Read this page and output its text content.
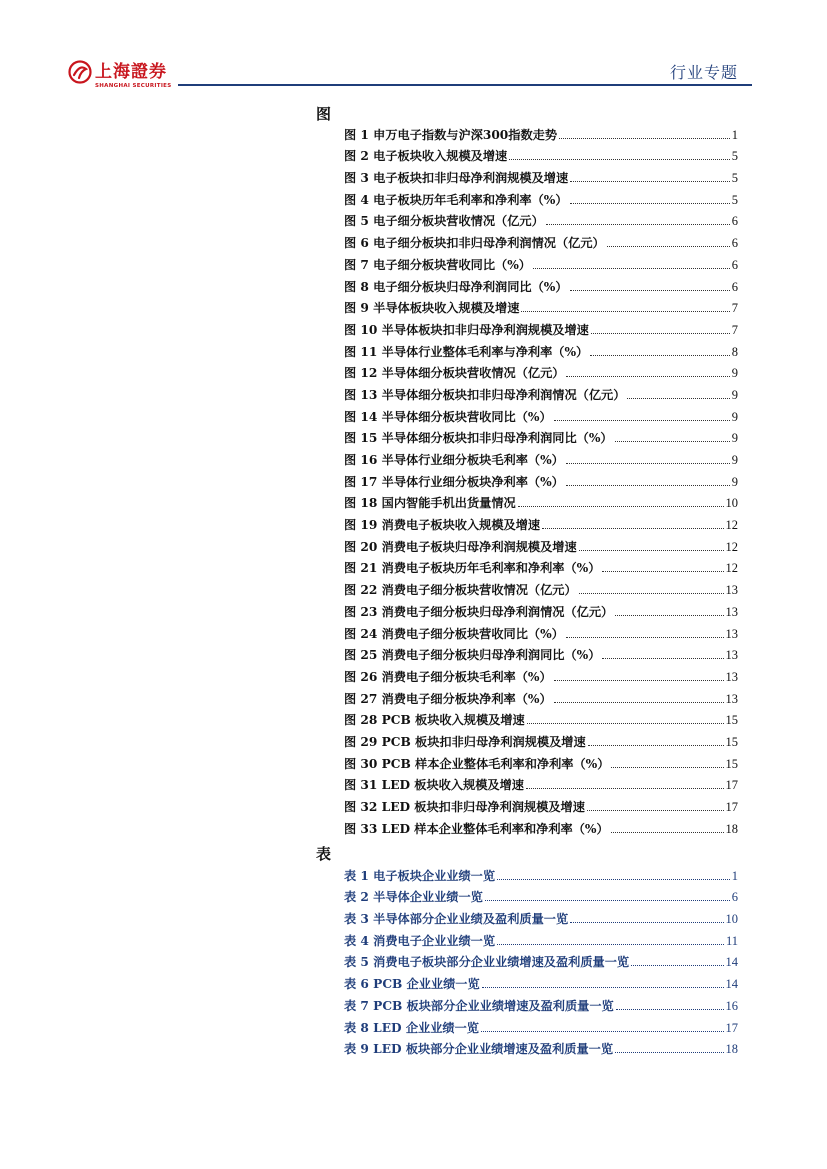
上海證券
SHANGHAI SECURITIES
行业专题
图
图 1 申万电子指数与沪深300指数走势	1
图 2 电子板块收入规模及增速	5
图 3 电子板块扣非归母净利润规模及增速	5
图 4 电子板块历年毛利率和净利率（%）	5
图 5 电子细分板块营收情况（亿元）	6
图 6 电子细分板块扣非归母净利润情况（亿元）	6
图 7 电子细分板块营收同比（%）	6
图 8 电子细分板块归母净利润同比（%）	6
图 9 半导体板块收入规模及增速	7
图 10 半导体板块扣非归母净利润规模及增速	7
图 11 半导体行业整体毛利率与净利率（%）	8
图 12 半导体细分板块营收情况（亿元）	9
图 13 半导体细分板块扣非归母净利润情况（亿元）	9
图 14 半导体细分板块营收同比（%）	9
图 15 半导体细分板块扣非归母净利润同比（%）	9
图 16 半导体行业细分板块毛利率（%）	9
图 17 半导体行业细分板块净利率（%）	9
图 18 国内智能手机出货量情况	10
图 19 消费电子板块收入规模及增速	12
图 20 消费电子板块归母净利润规模及增速	12
图 21 消费电子板块历年毛利率和净利率（%）	12
图 22 消费电子细分板块营收情况（亿元）	13
图 23 消费电子细分板块归母净利润情况（亿元）	13
图 24 消费电子细分板块营收同比（%）	13
图 25 消费电子细分板块归母净利润同比（%）	13
图 26 消费电子细分板块毛利率（%）	13
图 27 消费电子细分板块净利率（%）	13
图 28 PCB 板块收入规模及增速	15
图 29 PCB 板块扣非归母净利润规模及增速	15
图 30 PCB 样本企业整体毛利率和净利率（%）	15
图 31 LED 板块收入规模及增速	17
图 32 LED 板块扣非归母净利润规模及增速	17
图 33 LED 样本企业整体毛利率和净利率（%）	18
表
表 1 电子板块企业业绩一览	1
表 2 半导体企业业绩一览	6
表 3 半导体部分企业业绩及盈利质量一览	10
表 4 消费电子企业业绩一览	11
表 5 消费电子板块部分企业业绩增速及盈利质量一览	14
表 6 PCB 企业业绩一览	14
表 7 PCB 板块部分企业业绩增速及盈利质量一览	16
表 8 LED 企业业绩一览	17
表 9 LED 板块部分企业业绩增速及盈利质量一览	18
